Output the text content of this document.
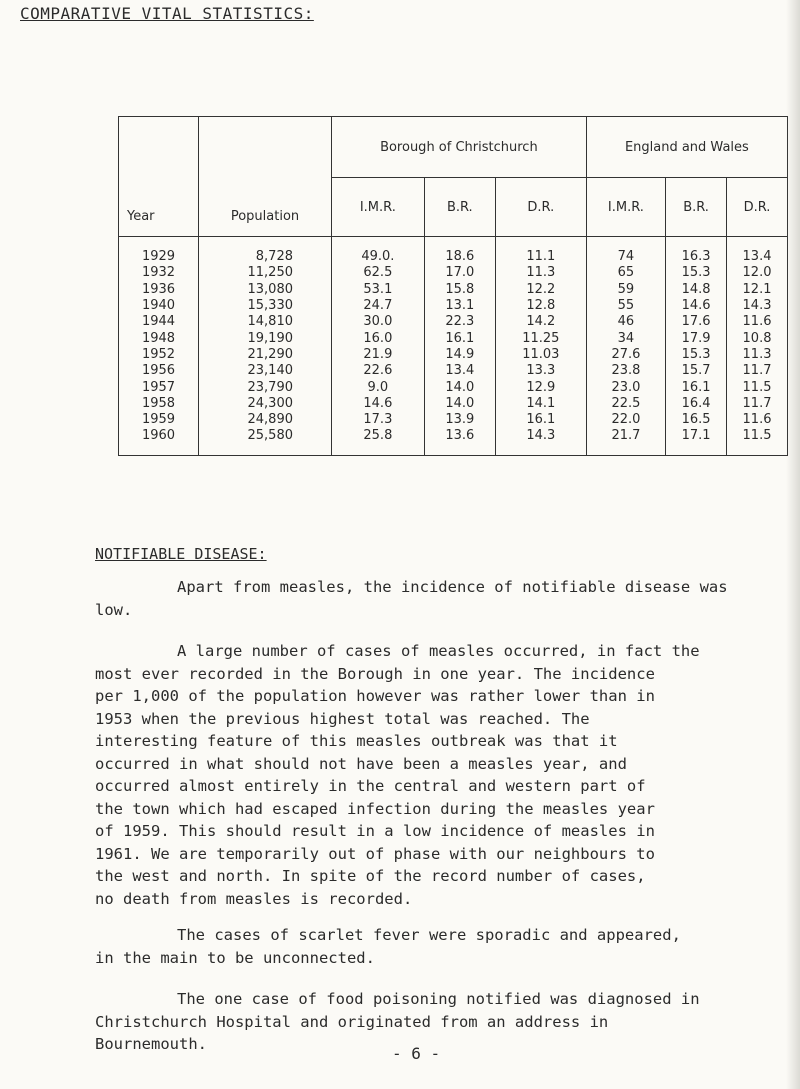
COMPARATIVE VITAL STATISTICS:
Year	Population	Borough of Christchurch			England and Wales		
		I.M.R.	B.R.	D.R.	I.M.R.	B.R.	D.R.
1929	8,728	49.0.	18.6	11.1	74	16.3	13.4
1932	11,250	62.5	17.0	11.3	65	15.3	12.0
1936	13,080	53.1	15.8	12.2	59	14.8	12.1
1940	15,330	24.7	13.1	12.8	55	14.6	14.3
1944	14,810	30.0	22.3	14.2	46	17.6	11.6
1948	19,190	16.0	16.1	11.25	34	17.9	10.8
1952	21,290	21.9	14.9	11.03	27.6	15.3	11.3
1956	23,140	22.6	13.4	13.3	23.8	15.7	11.7
1957	23,790	9.0	14.0	12.9	23.0	16.1	11.5
1958	24,300	14.6	14.0	14.1	22.5	16.4	11.7
1959	24,890	17.3	13.9	16.1	22.0	16.5	11.6
1960	25,580	25.8	13.6	14.3	21.7	17.1	11.5
NOTIFIABLE DISEASE:
Apart from measles, the incidence of notifiable disease was
low.
A large number of cases of measles occurred, in fact the
most ever recorded in the Borough in one year. The incidence
per 1,000 of the population however was rather lower than in
1953 when the previous highest total was reached. The
interesting feature of this measles outbreak was that it
occurred in what should not have been a measles year, and
occurred almost entirely in the central and western part of
the town which had escaped infection during the measles year
of 1959. This should result in a low incidence of measles in
1961. We are temporarily out of phase with our neighbours to
the west and north. In spite of the record number of cases,
no death from measles is recorded.
The cases of scarlet fever were sporadic and appeared,
in the main to be unconnected.
The one case of food poisoning notified was diagnosed in
Christchurch Hospital and originated from an address in
Bournemouth.	- 6 -
